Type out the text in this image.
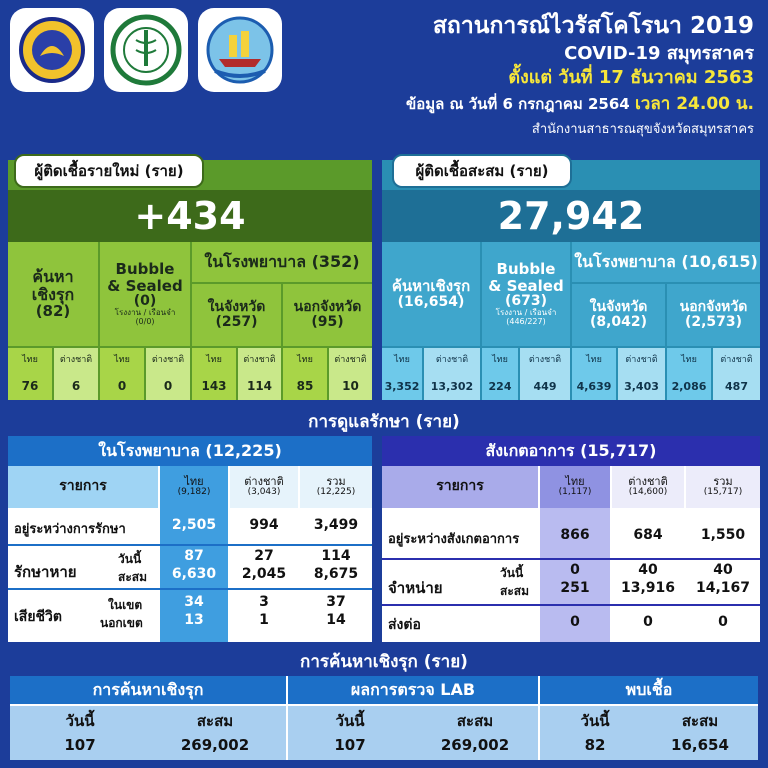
สถานการณ์ไวรัสโคโรนา 2019
COVID-19 สมุทรสาคร
ตั้งแต่ วันที่ 17 ธันวาคม 2563
ข้อมูล ณ วันที่ 6 กรกฎาคม 2564 เวลา 24.00 น.
สำนักงานสาธารณสุขจังหวัดสมุทรสาคร
+434
ค้นหา
เชิงรุก
(82)
Bubble
& Sealed
(0)
โรงงาน / เรือนจำ
(0/0)
ในโรงพยาบาล (352)
ในจังหวัด
(257)
นอกจังหวัด
(95)
ไทย	ต่างชาติ	ไทย	ต่างชาติ	ไทย	ต่างชาติ	ไทย	ต่างชาติ
76	6	0	0	143	114	85	10
ผู้ติดเชื้อรายใหม่ (ราย)
27,942
ค้นหาเชิงรุก
(16,654)
Bubble
& Sealed
(673)
โรงงาน / เรือนจำ
(446/227)
ในโรงพยาบาล (10,615)
ในจังหวัด
(8,042)
นอกจังหวัด
(2,573)
ไทย	ต่างชาติ	ไทย	ต่างชาติ	ไทย	ต่างชาติ	ไทย	ต่างชาติ
3,352	13,302	224	449	4,639	3,403	2,086	487
ผู้ติดเชื้อสะสม (ราย)
การดูแลรักษา (ราย)
ในโรงพยาบาล (12,225)
รายการ	ไทย
(9,182)
ต่างชาติ
(3,043)
รวม
(12,225)
อยู่ระหว่างการรักษา	2,505	994	3,499
รักษาหาย
วันนี้
สะสม
87	27	114
6,630	2,045	8,675
เสียชีวิต
ในเขต
นอกเขต
34	3	37
13	1	14
สังเกตอาการ (15,717)
รายการ	ไทย
(1,117)
ต่างชาติ
(14,600)
รวม
(15,717)
อยู่ระหว่างสังเกตอาการ	866	684	1,550
จำหน่าย
วันนี้
สะสม
0	40	40
251	13,916	14,167
ส่งต่อ	0	0	0
การค้นหาเชิงรุก (ราย)
การค้นหาเชิงรุก
วันนี้	สะสม
107	269,002
ผลการตรวจ LAB
วันนี้	สะสม
107	269,002
พบเชื้อ
วันนี้	สะสม
82	16,654
